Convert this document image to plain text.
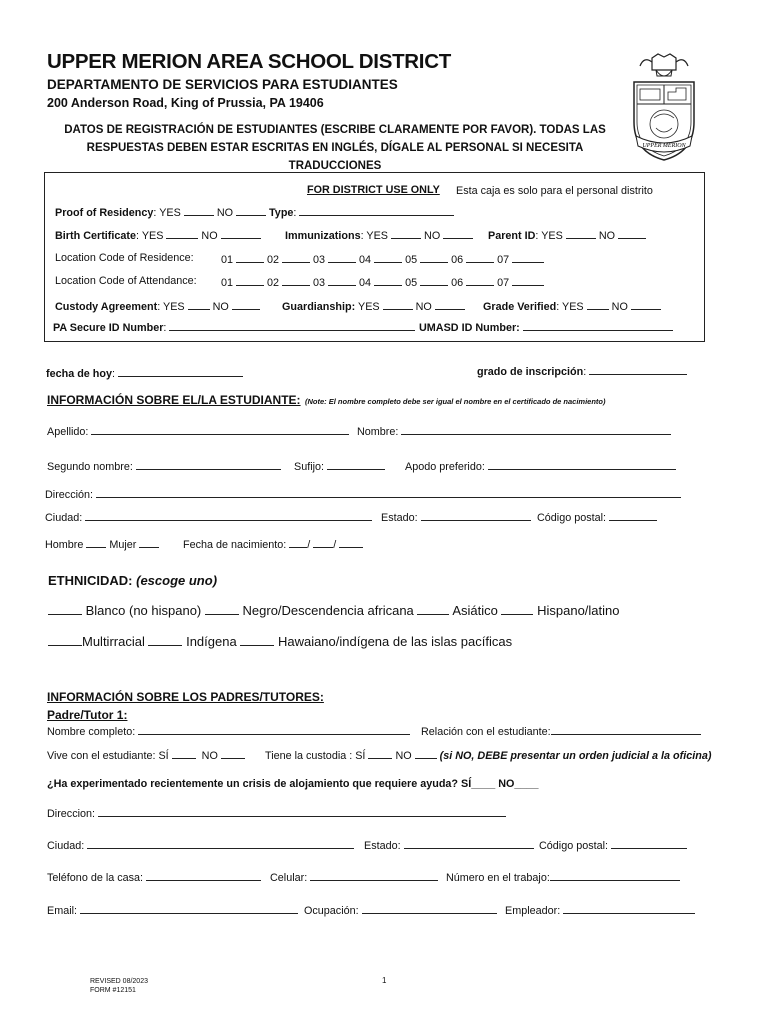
UPPER MERION AREA SCHOOL DISTRICT
DEPARTAMENTO DE SERVICIOS PARA ESTUDIANTES
200 Anderson Road, King of Prussia, PA 19406
DATOS DE REGISTRACIÓN DE ESTUDIANTES (ESCRIBE CLARAMENTE POR FAVOR). TODAS LAS RESPUESTAS DEBEN ESTAR ESCRITAS EN INGLÉS, DÍGALE AL PERSONAL SI NECESITA TRADUCCIONES
UPPER MERION
FOR DISTRICT USE ONLY Esta caja es solo para el personal distrito
Proof of Residency: YES	NO	Type:
Birth Certificate: YES	NO	Immunizations: YES	NO	Parent ID: YES	NO
Location Code of Residence:	01	02	03	04	05	06	07
Location Code of Attendance: 01	02	03	04	05	06	07
Custody Agreement: YES	NO	Guardianship: YES	NO	Grade Verified: YES	NO
PA Secure ID Number:	UMASD ID Number:
fecha de hoy:	grado de inscripción:
INFORMACIÓN SOBRE EL/LA ESTUDIANTE: (Note: El nombre completo debe ser igual el nombre en el certificado de nacimiento)
Apellido:	Nombre:
Segundo nombre:	Sufijo:	Apodo preferido:
Dirección:
Ciudad:	Estado:	Código postal:
Hombre Mujer	Fecha de nacimiento: / /
ETHNICIDAD: (escoge uno)
Blanco (no hispano)	Negro/Descendencia africana	Asiático	Hispano/latino
Multirracial	Indígena	Hawaiano/indígena de las islas pacíficas
INFORMACIÓN SOBRE LOS PADRES/TUTORES:
Padre/Tutor 1:
Nombre completo:	Relación con el estudiante:
Vive con el estudiante: SÍ	NO	Tiene la custodia : SÍ	NO	(si NO, DEBE presentar un orden judicial a la oficina)
¿Ha experimentado recientemente un crisis de alojamiento que requiere ayuda? SÍ____ NO____
Direccion:
Ciudad:	Estado:	Código postal:
Teléfono de la casa:	Celular:	Número en el trabajo:
Email:	Ocupación:	Empleador:
REVISED 08/2023
FORM #12151
1
